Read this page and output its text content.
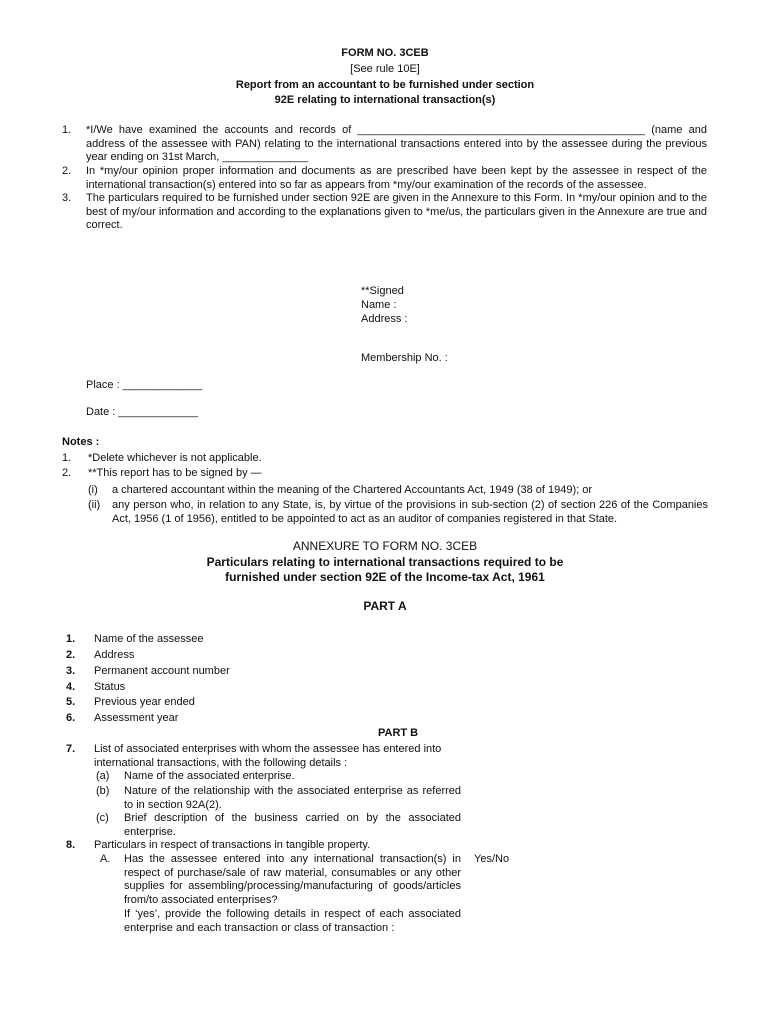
FORM NO. 3CEB
[See rule 10E]
Report from an accountant to be furnished under section
92E relating to international transaction(s)
1. *I/We have examined the accounts and records of _______________________________________________ (name and address of the assessee with PAN) relating to the international transactions entered into by the assessee during the previous year ending on 31st March, ______________
2. In *my/our opinion proper information and documents as are prescribed have been kept by the assessee in respect of the international transaction(s) entered into so far as appears from *my/our examination of the records of the assessee.
3. The particulars required to be furnished under section 92E are given in the Annexure to this Form. In *my/our opinion and to the best of my/our information and according to the explanations given to *me/us, the particulars given in the Annexure are true and correct.
**Signed
Name :
Address :
Membership No. :
Place : _____________
Date : _____________
Notes :
1. *Delete whichever is not applicable.
2. **This report has to be signed by —
(i) a chartered accountant within the meaning of the Chartered Accountants Act, 1949 (38 of 1949); or
(ii) any person who, in relation to any State, is, by virtue of the provisions in sub-section (2) of section 226 of the Companies Act, 1956 (1 of 1956), entitled to be appointed to act as an auditor of companies registered in that State.
ANNEXURE TO FORM NO. 3CEB
Particulars relating to international transactions required to be
furnished under section 92E of the Income-tax Act, 1961
PART A
1. Name of the assessee
2. Address
3. Permanent account number
4. Status
5. Previous year ended
6. Assessment year
PART B
7. List of associated enterprises with whom the assessee has entered into international transactions, with the following details :
(a) Name of the associated enterprise.
(b) Nature of the relationship with the associated enterprise as referred to in section 92A(2).
(c) Brief description of the business carried on by the associated enterprise.
8. Particulars in respect of transactions in tangible property.
A. Has the assessee entered into any international transaction(s) in respect of purchase/sale of raw material, consumables or any other supplies for assembling/processing/manufacturing of goods/articles from/to associated enterprises?
Yes/No
If ‘yes’, provide the following details in respect of each associated enterprise and each transaction or class of transaction :
